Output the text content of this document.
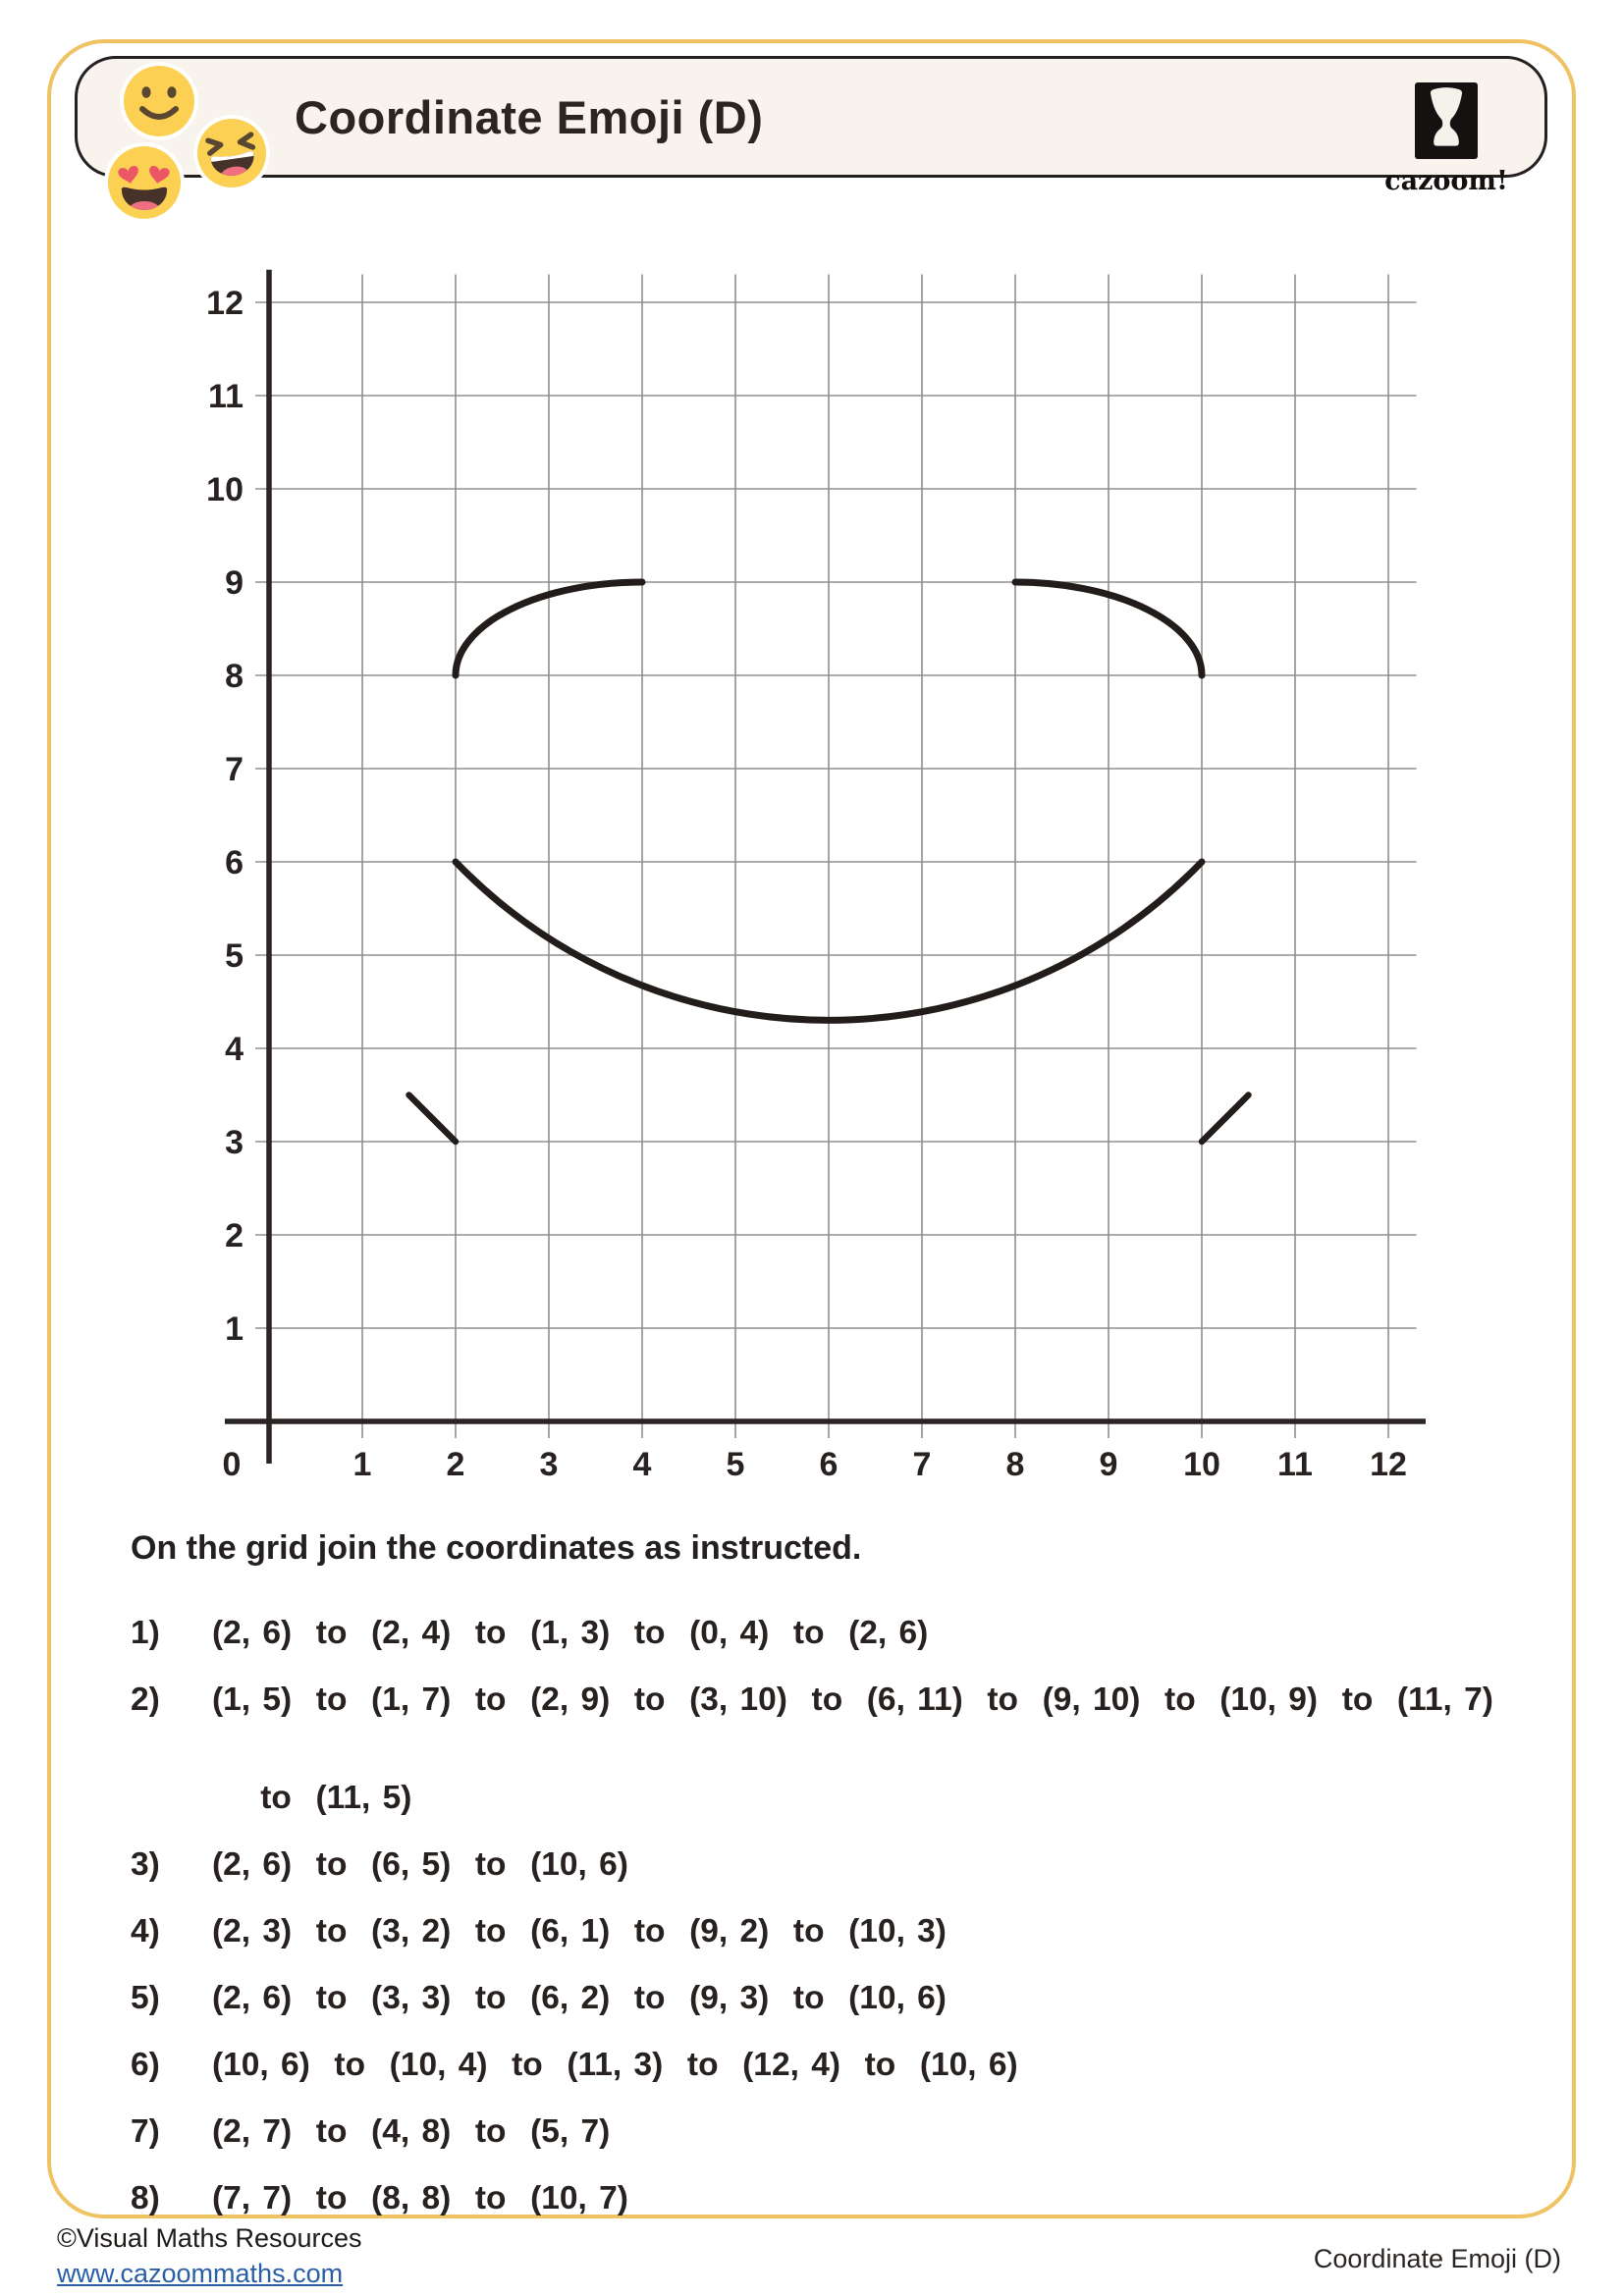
Coordinate Emoji (D)
cazoom!
1
2
3
4
5
6
7
8
9
10
11
12
0	1 2 3 4 5 6 7 8 9 10 11 12

On the grid join the coordinates as instructed.

1)	(2, 6)  to  (2, 4)  to  (1, 3)  to  (0, 4)  to  (2, 6)
2)	(1, 5)  to  (1, 7)  to  (2, 9)  to  (3, 10)  to  (6, 11)  to  (9, 10)  to  (10, 9)  to  (11, 7)

to  (11, 5)
3)	(2, 6)  to  (6, 5)  to  (10, 6)
4)	(2, 3)  to  (3, 2)  to  (6, 1)  to  (9, 2)  to  (10, 3)
5)	(2, 6)  to  (3, 3)  to  (6, 2)  to  (9, 3)  to  (10, 6)
6)	(10, 6)  to  (10, 4)  to  (11, 3)  to  (12, 4)  to  (10, 6)
7)	(2, 7)  to  (4, 8)  to  (5, 7)
8)	(7, 7)  to  (8, 8)  to  (10, 7)
©Visual Maths Resources
www.cazoommaths.com	Coordinate Emoji (D)
